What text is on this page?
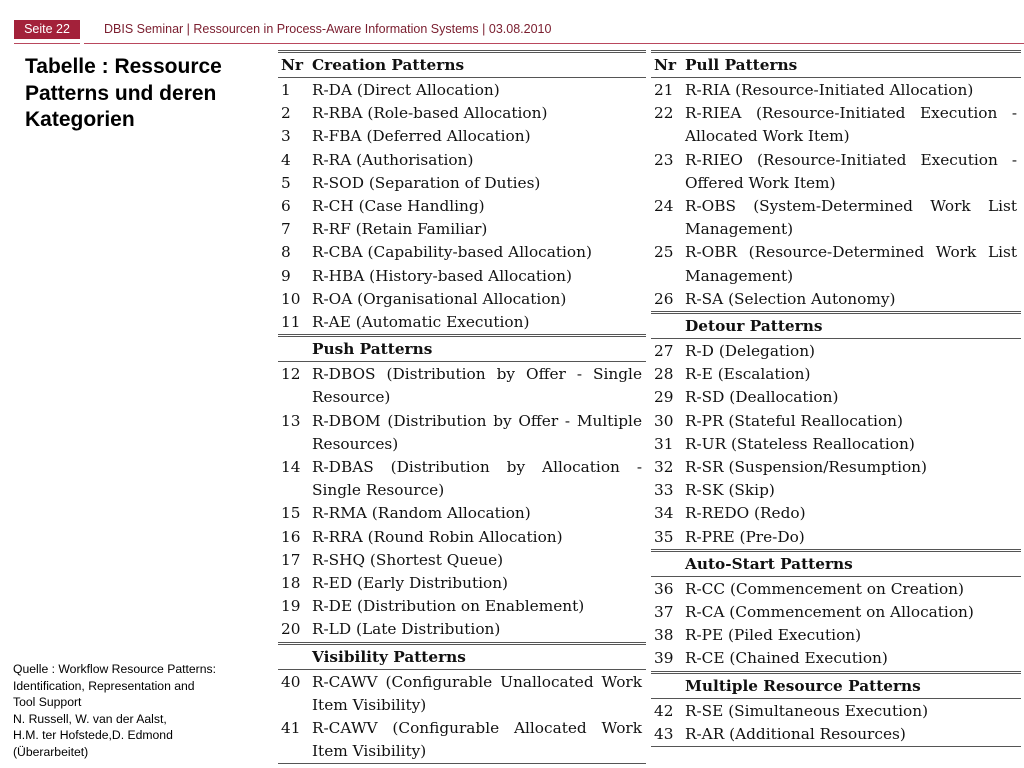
Seite 22	DBIS Seminar | Ressourcen in Process-Aware Information Systems | 03.08.2010
Tabelle : Ressource Patterns und deren Kategorien
Quelle : Workflow Resource Patterns:
Identification, Representation and
Tool Support
N. Russell, W. van der Aalst,
H.M. ter Hofstede,D. Edmond
(Überarbeitet)
Nr Creation Patterns
1 R-DA (Direct Allocation)
2 R-RBA (Role-based Allocation)
3 R-FBA (Deferred Allocation)
4 R-RA (Authorisation)
5 R-SOD (Separation of Duties)
6 R-CH (Case Handling)
7 R-RF (Retain Familiar)
8 R-CBA (Capability-based Allocation)
9 R-HBA (History-based Allocation)
10 R-OA (Organisational Allocation)
11 R-AE (Automatic Execution)
Push Patterns
12 R-DBOS (Distribution by Offer - Single Resource)
13 R-DBOM (Distribution by Offer - Multiple Resources)
14 R-DBAS (Distribution by Allocation - Single Resource)
15 R-RMA (Random Allocation)
16 R-RRA (Round Robin Allocation)
17 R-SHQ (Shortest Queue)
18 R-ED (Early Distribution)
19 R-DE (Distribution on Enablement)
20 R-LD (Late Distribution)
Visibility Patterns
40 R-CAWV (Configurable Unallocated Work Item Visibility)
41 R-CAWV (Configurable Allocated Work Item Visibility)
Nr Pull Patterns
21 R-RIA (Resource-Initiated Allocation)
22 R-RIEA (Resource-Initiated Execution - Allocated Work Item)
23 R-RIEO (Resource-Initiated Execution - Offered Work Item)
24 R-OBS (System-Determined Work List Management)
25 R-OBR (Resource-Determined Work List Management)
26 R-SA (Selection Autonomy)
Detour Patterns
27 R-D (Delegation)
28 R-E (Escalation)
29 R-SD (Deallocation)
30 R-PR (Stateful Reallocation)
31 R-UR (Stateless Reallocation)
32 R-SR (Suspension/Resumption)
33 R-SK (Skip)
34 R-REDO (Redo)
35 R-PRE (Pre-Do)
Auto-Start Patterns
36 R-CC (Commencement on Creation)
37 R-CA (Commencement on Allocation)
38 R-PE (Piled Execution)
39 R-CE (Chained Execution)
Multiple Resource Patterns
42 R-SE (Simultaneous Execution)
43 R-AR (Additional Resources)
